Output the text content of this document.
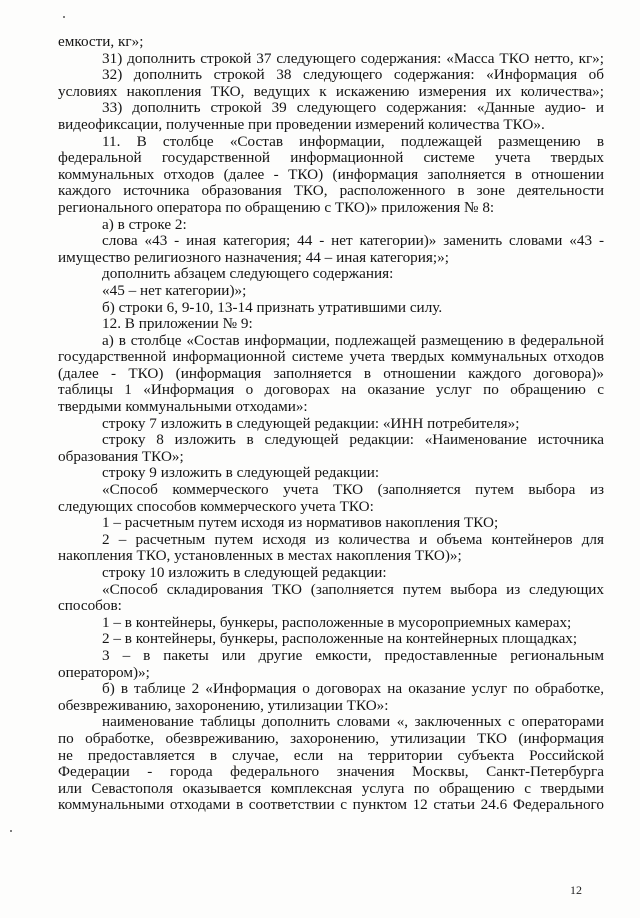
емкости, кг»;
31) дополнить строкой 37 следующего содержания: «Масса ТКО нетто, кг»;
32) дополнить строкой 38 следующего содержания: «Информация об
условиях накопления ТКО, ведущих к искажению измерения их количества»;
33) дополнить строкой 39 следующего содержания: «Данные аудио- и
видеофиксации, полученные при проведении измерений количества ТКО».
11. В столбце «Состав информации, подлежащей размещению в
федеральной государственной информационной системе учета твердых
коммунальных отходов (далее - ТКО) (информация заполняется в отношении
каждого источника образования ТКО, расположенного в зоне деятельности
регионального оператора по обращению с ТКО)» приложения № 8:
а) в строке 2:
слова «43 - иная категория; 44 - нет категории)» заменить словами «43 -
имущество религиозного назначения; 44 – иная категория;»;
дополнить абзацем следующего содержания:
«45 – нет категории)»;
б) строки 6, 9-10, 13-14 признать утратившими силу.
12. В приложении № 9:
а) в столбце «Состав информации, подлежащей размещению в федеральной
государственной информационной системе учета твердых коммунальных отходов
(далее - ТКО) (информация заполняется в отношении каждого договора)»
таблицы 1 «Информация о договорах на оказание услуг по обращению с
твердыми коммунальными отходами»:
строку 7 изложить в следующей редакции: «ИНН потребителя»;
строку 8 изложить в следующей редакции: «Наименование источника
образования ТКО»;
строку 9 изложить в следующей редакции:
«Способ коммерческого учета ТКО (заполняется путем выбора из
следующих способов коммерческого учета ТКО:
1 – расчетным путем исходя из нормативов накопления ТКО;
2 – расчетным путем исходя из количества и объема контейнеров для
накопления ТКО, установленных в местах накопления ТКО)»;
строку 10 изложить в следующей редакции:
«Способ складирования ТКО (заполняется путем выбора из следующих
способов:
1 – в контейнеры, бункеры, расположенные в мусороприемных камерах;
2 – в контейнеры, бункеры, расположенные на контейнерных площадках;
3 – в пакеты или другие емкости, предоставленные региональным
оператором)»;
б) в таблице 2 «Информация о договорах на оказание услуг по обработке,
обезвреживанию, захоронению, утилизации ТКО»:
наименование таблицы дополнить словами «, заключенных с операторами
по обработке, обезвреживанию, захоронению, утилизации ТКО (информация
не предоставляется в случае, если на территории субъекта Российской
Федерации - города федерального значения Москвы, Санкт-Петербурга
или Севастополя оказывается комплексная услуга по обращению с твердыми
коммунальными отходами в соответствии с пунктом 12 статьи 24.6 Федерального
12
